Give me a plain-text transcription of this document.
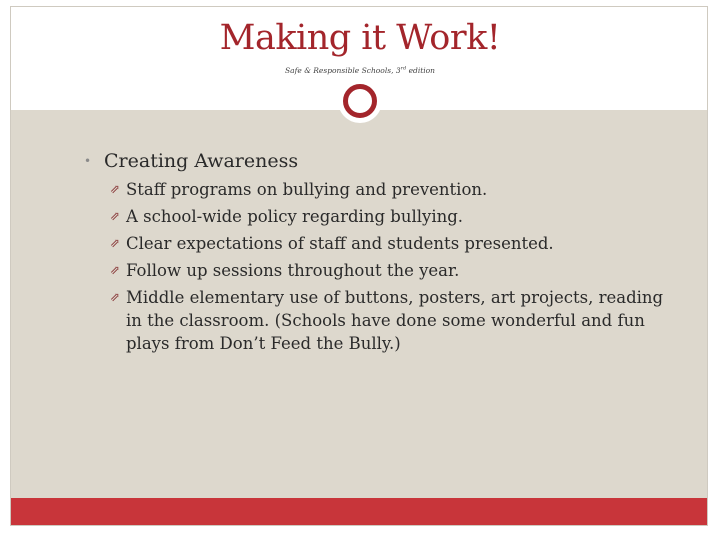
Making it Work!
Safe & Responsible Schools, 3rd edition
• Creating Awareness
⇗ Staff programs on bullying and prevention.
⇗ A school-wide policy regarding bullying.
⇗ Clear expectations of staff and students presented.
⇗ Follow up sessions throughout the year.
⇗ Middle elementary use of buttons, posters, art projects, reading in the classroom. (Schools have done some wonderful and fun plays from Don’t Feed the Bully.)
